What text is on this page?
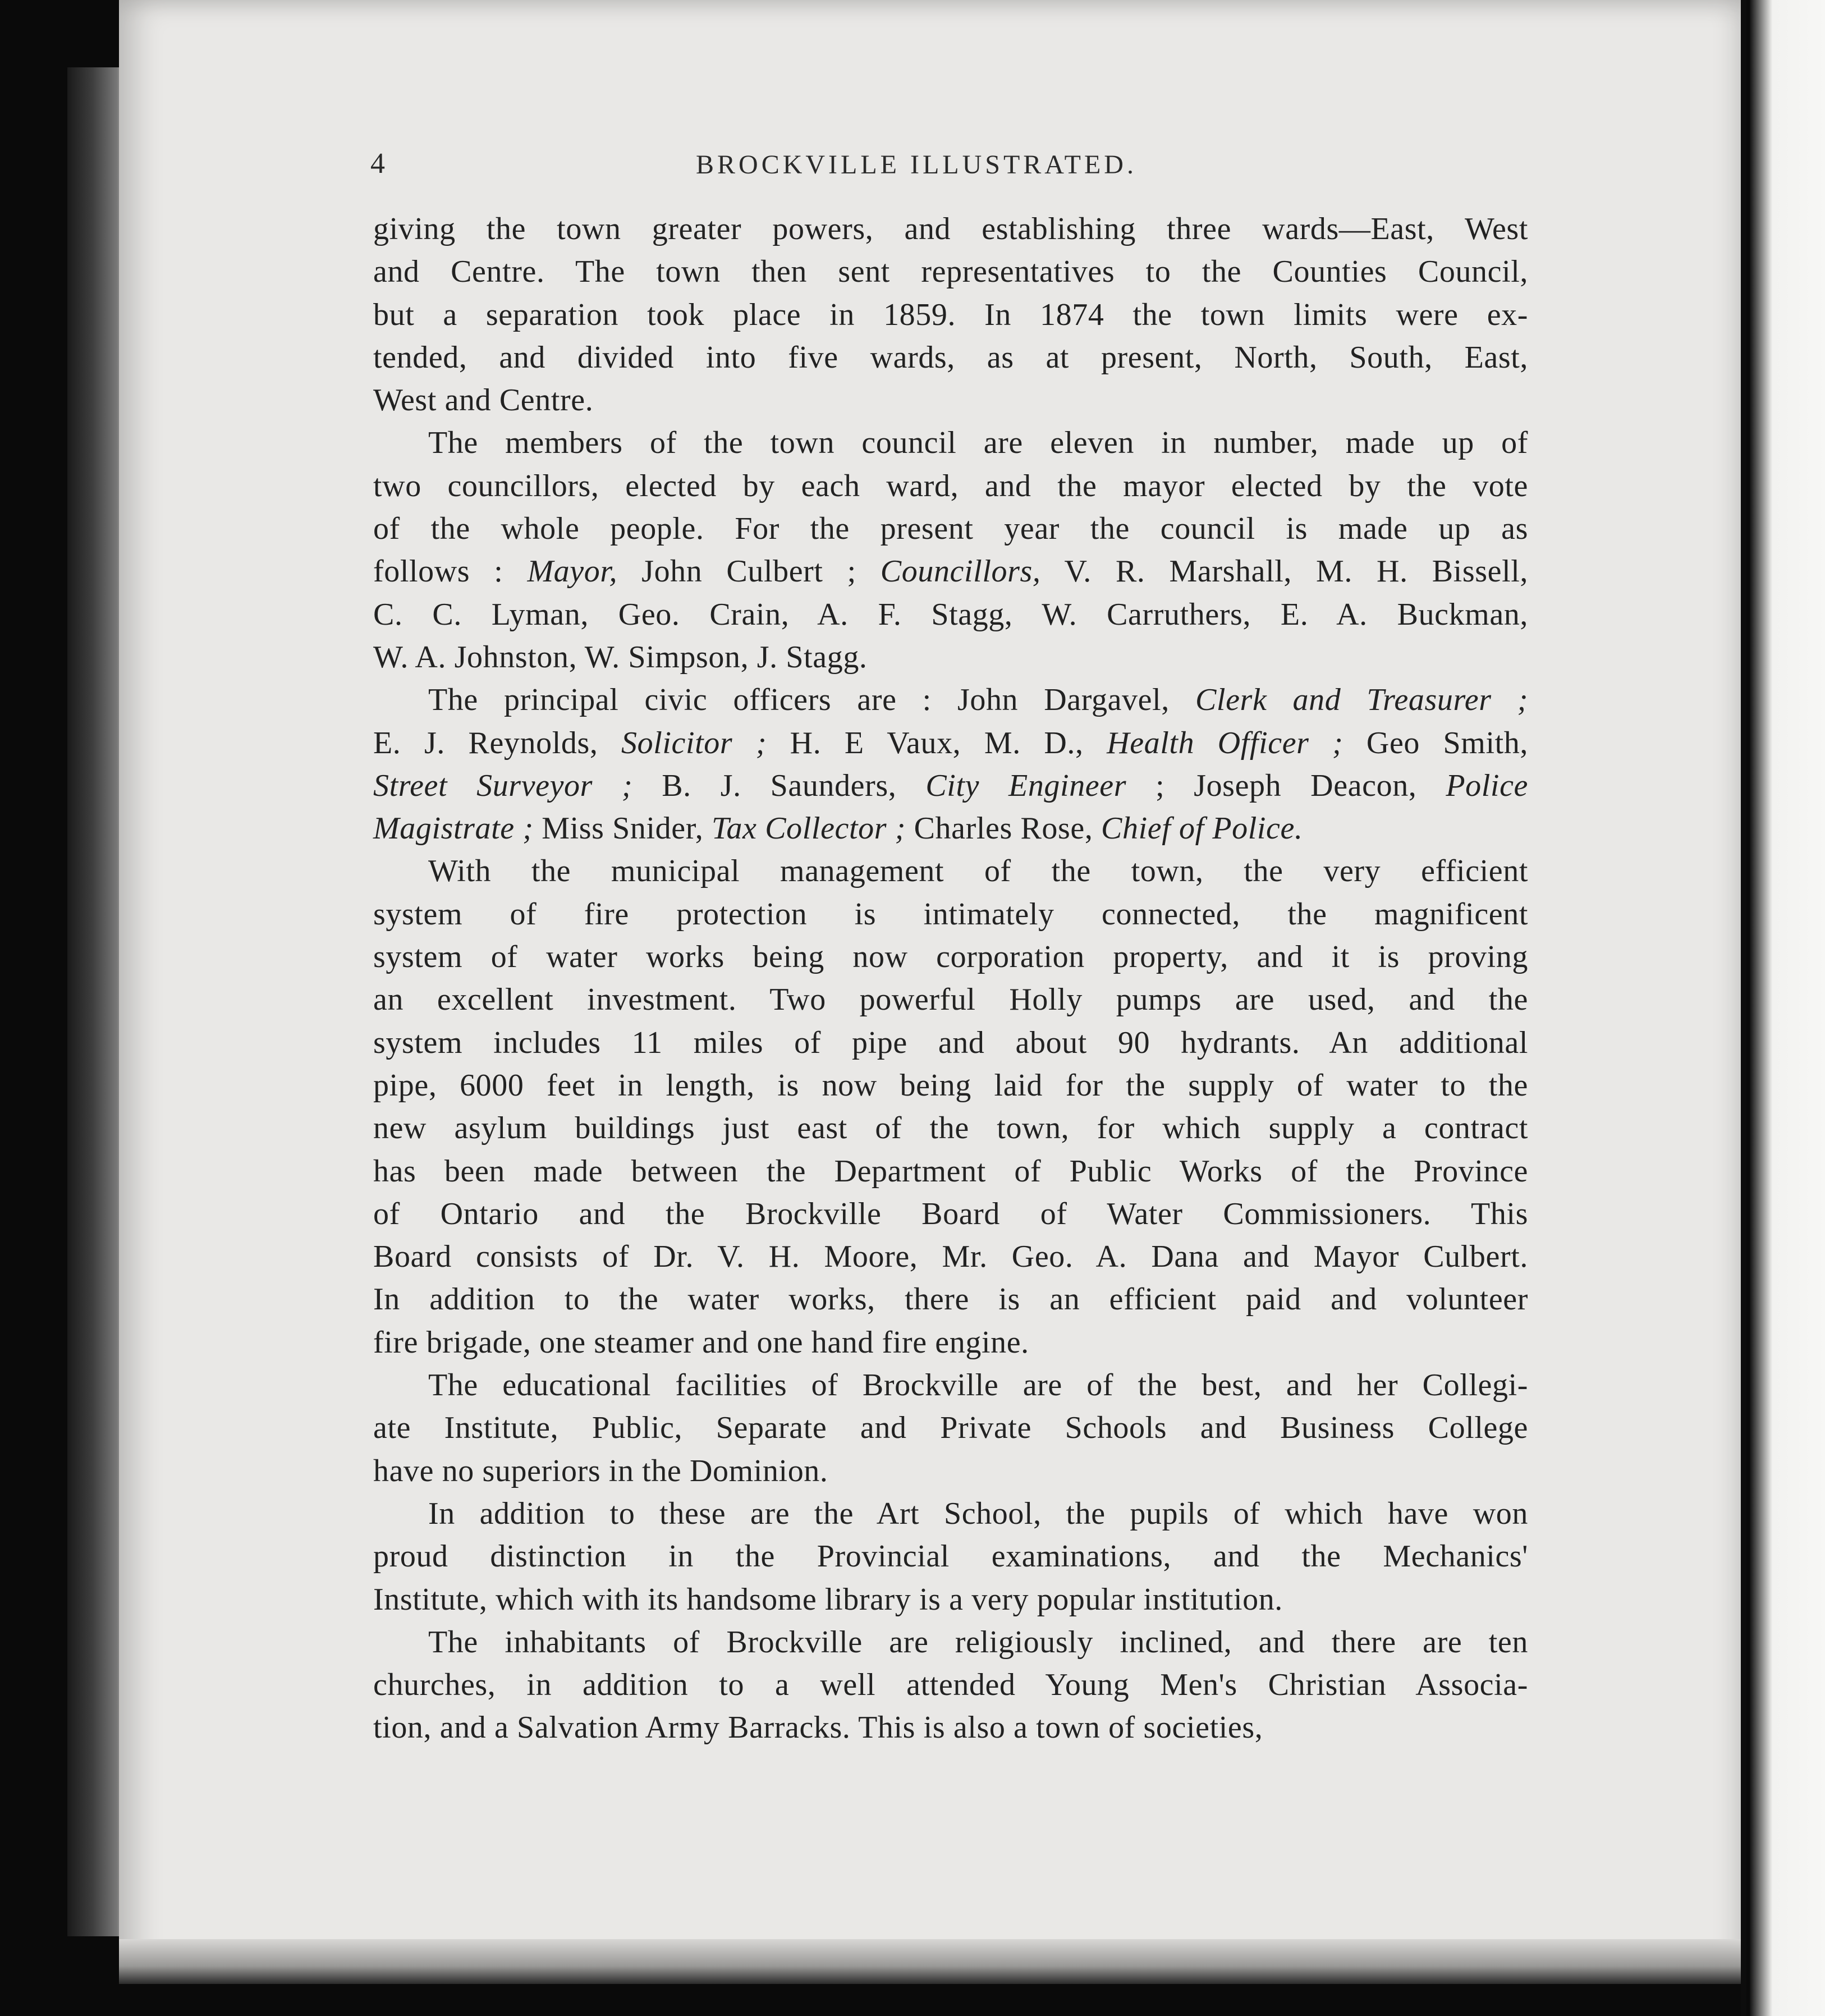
4	BROCKVILLE ILLUSTRATED.
giving the town greater powers, and establishing three wards—East, West
and Centre. The town then sent representatives to the Counties Council,
but a separation took place in 1859. In 1874 the town limits were ex-
tended, and divided into five wards, as at present, North, South, East,
West and Centre.
The members of the town council are eleven in number, made up of
two councillors, elected by each ward, and the mayor elected by the vote
of the whole people. For the present year the council is made up as
follows : Mayor, John Culbert ; Councillors, V. R. Marshall, M. H. Bissell,
C. C. Lyman, Geo. Crain, A. F. Stagg, W. Carruthers, E. A. Buckman,
W. A. Johnston, W. Simpson, J. Stagg.
The principal civic officers are : John Dargavel, Clerk and Treasurer ;
E. J. Reynolds, Solicitor ; H. E Vaux, M. D., Health Officer ; Geo Smith,
Street Surveyor ; B. J. Saunders, City Engineer ; Joseph Deacon, Police
Magistrate ; Miss Snider, Tax Collector ; Charles Rose, Chief of Police.
With the municipal management of the town, the very efficient
system of fire protection is intimately connected, the magnificent
system of water works being now corporation property, and it is proving
an excellent investment. Two powerful Holly pumps are used, and the
system includes 11 miles of pipe and about 90 hydrants. An additional
pipe, 6000 feet in length, is now being laid for the supply of water to the
new asylum buildings just east of the town, for which supply a contract
has been made between the Department of Public Works of the Province
of Ontario and the Brockville Board of Water Commissioners. This
Board consists of Dr. V. H. Moore, Mr. Geo. A. Dana and Mayor Culbert.
In addition to the water works, there is an efficient paid and volunteer
fire brigade, one steamer and one hand fire engine.
The educational facilities of Brockville are of the best, and her Collegi-
ate Institute, Public, Separate and Private Schools and Business College
have no superiors in the Dominion.
In addition to these are the Art School, the pupils of which have won
proud distinction in the Provincial examinations, and the Mechanics'
Institute, which with its handsome library is a very popular institution.
The inhabitants of Brockville are religiously inclined, and there are ten
churches, in addition to a well attended Young Men's Christian Associa-
tion, and a Salvation Army Barracks. This is also a town of societies,
